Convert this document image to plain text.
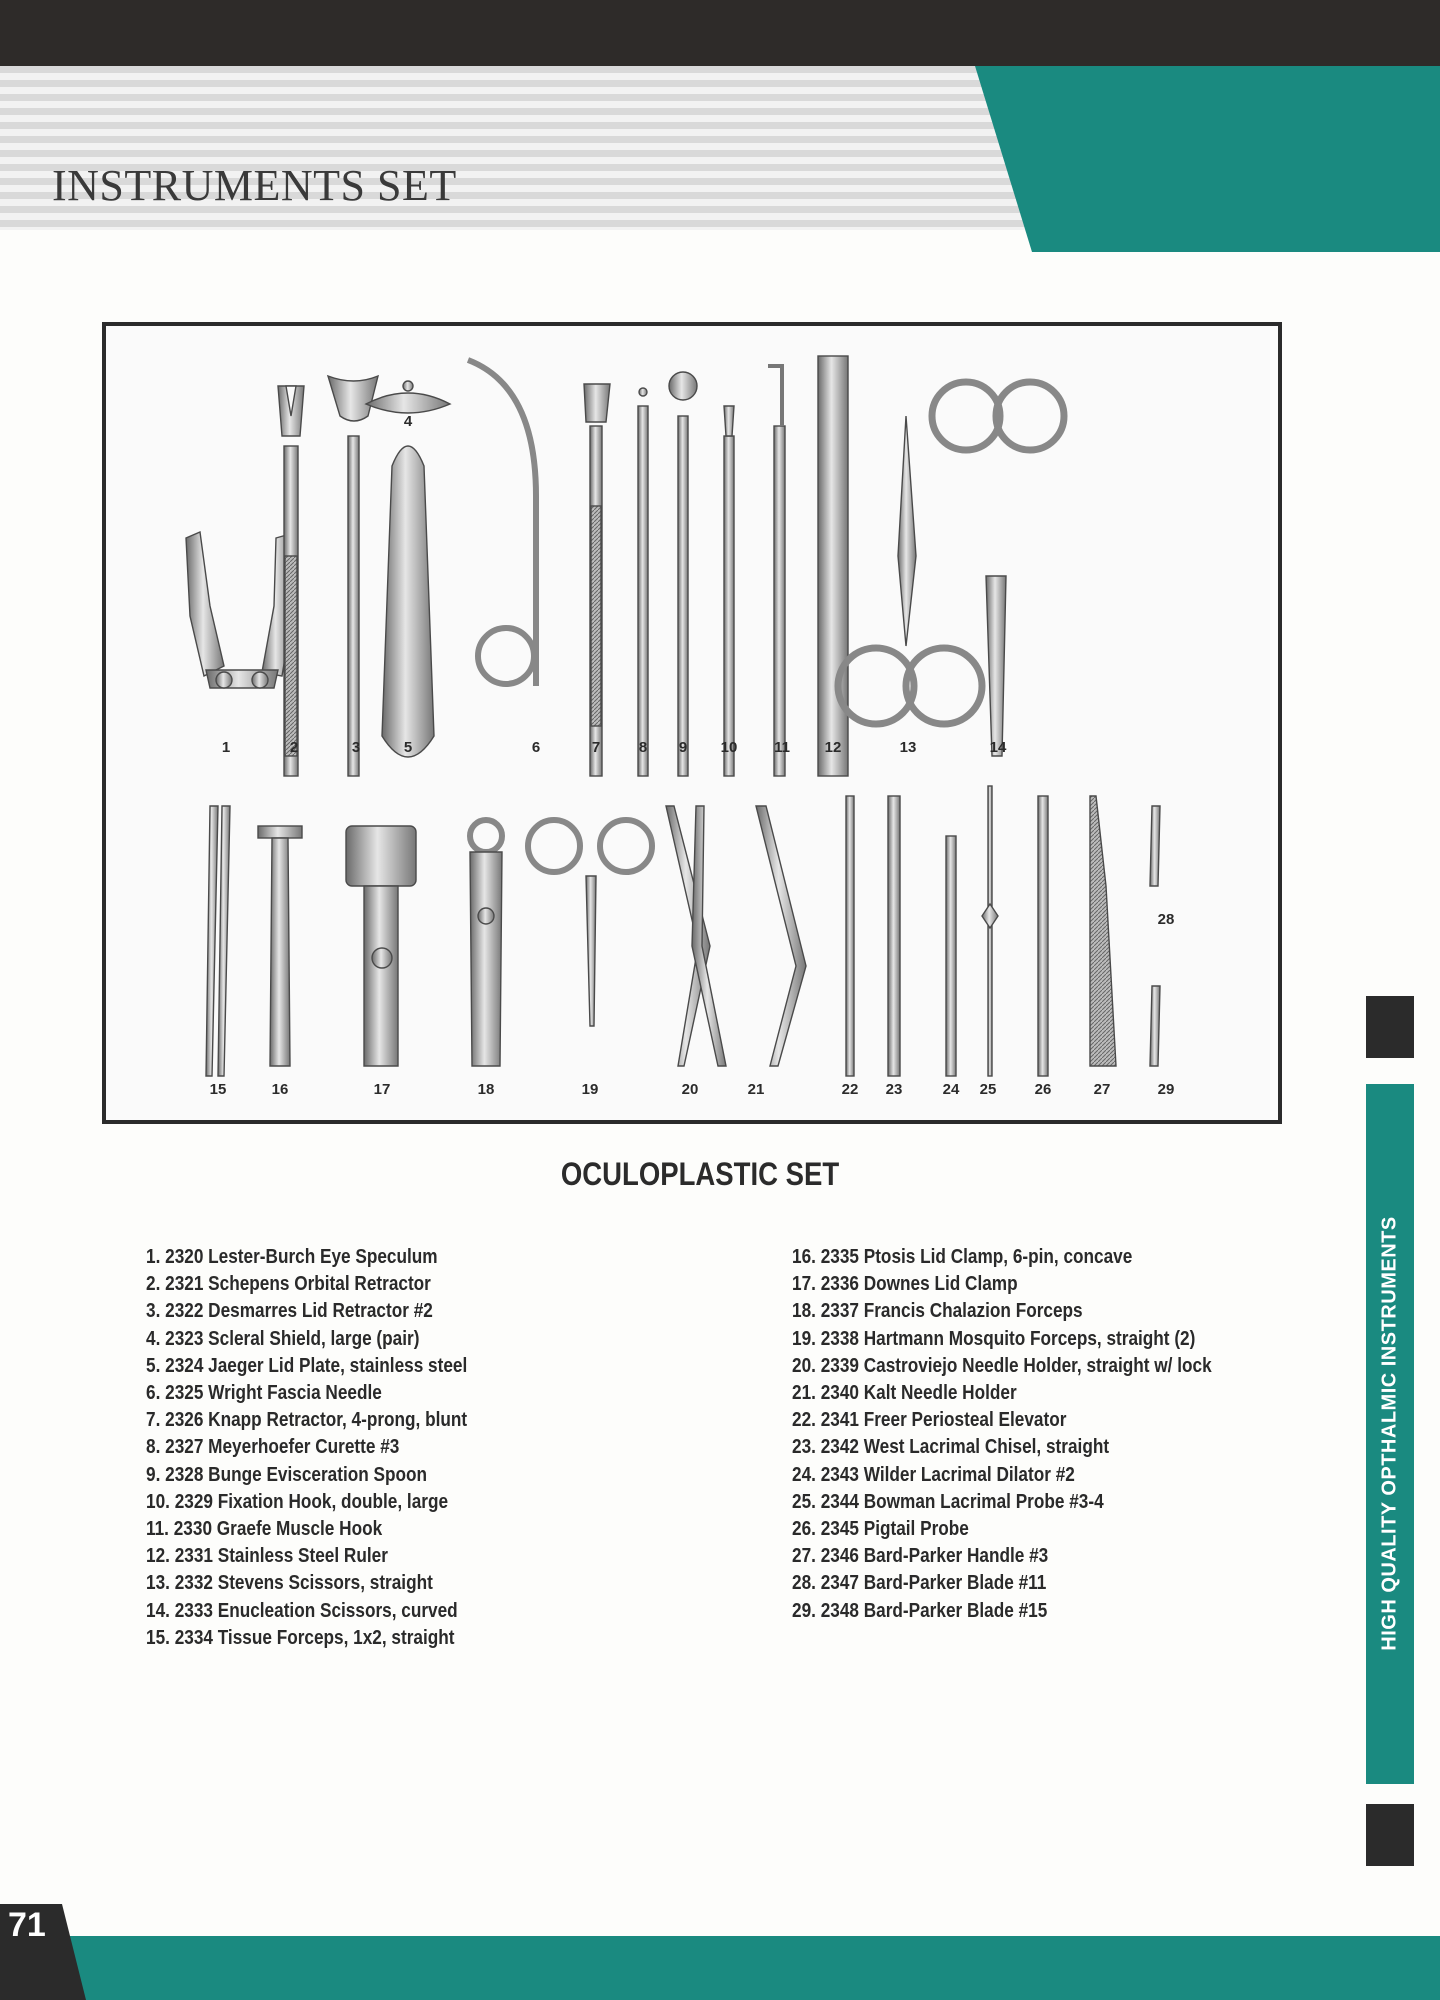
INSTRUMENTS SET
1	2	3
4
5	6	7	8 9 10 11 12	13	14
15	16	17	18	19	20	21	22 23	24 25	26	27
28
29
OCULOPLASTIC SET
1. 2320 Lester-Burch Eye Speculum
2. 2321 Schepens Orbital Retractor
3. 2322 Desmarres Lid Retractor #2
4. 2323 Scleral Shield, large (pair)
5. 2324 Jaeger Lid Plate, stainless steel
6. 2325 Wright Fascia Needle
7. 2326 Knapp Retractor, 4-prong, blunt
8. 2327 Meyerhoefer Curette #3
9. 2328 Bunge Evisceration Spoon
10. 2329 Fixation Hook, double, large
11. 2330 Graefe Muscle Hook
12. 2331 Stainless Steel Ruler
13. 2332 Stevens Scissors, straight
14. 2333 Enucleation Scissors, curved
15. 2334 Tissue Forceps, 1x2, straight
16. 2335 Ptosis Lid Clamp, 6-pin, concave
17. 2336 Downes Lid Clamp
18. 2337 Francis Chalazion Forceps
19. 2338 Hartmann Mosquito Forceps, straight (2)
20. 2339 Castroviejo Needle Holder, straight w/ lock
21. 2340 Kalt Needle Holder
22. 2341 Freer Periosteal Elevator
23. 2342 West Lacrimal Chisel, straight
24. 2343 Wilder Lacrimal Dilator #2
25. 2344 Bowman Lacrimal Probe #3-4
26. 2345 Pigtail Probe
27. 2346 Bard-Parker Handle #3
28. 2347 Bard-Parker Blade #11
29. 2348 Bard-Parker Blade #15	HIGH QUALITY OPTHALMIC INSTRUMENTS
71
